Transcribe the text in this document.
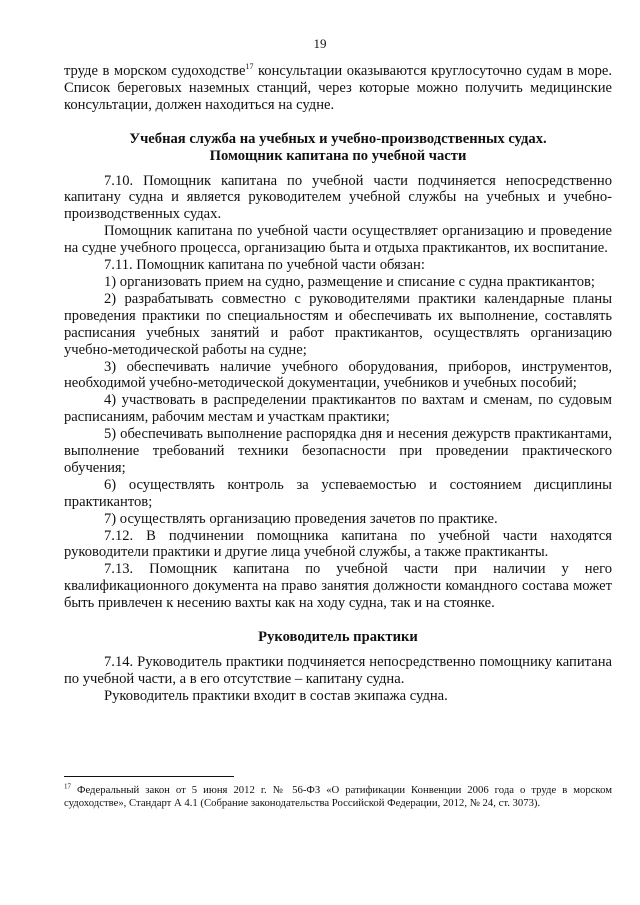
19

труде в морском судоходстве$^{17}$ консультации оказываются круглосуточно судам в море. Список береговых наземных станций, через которые можно получить медицинские консультации, должен находиться на судне.

Учебная служба на учебных и учебно-производственных судах.
Помощник капитана по учебной части

7.10. Помощник капитана по учебной части подчиняется непосредственно капитану судна и является руководителем учебной службы на учебных и учебно-производственных судах.

Помощник капитана по учебной части осуществляет организацию и проведение на судне учебного процесса, организацию быта и отдыха практикантов, их воспитание.

7.11. Помощник капитана по учебной части обязан:

1) организовать прием на судно, размещение и списание с судна практикантов;

2) разрабатывать совместно с руководителями практики календарные планы проведения практики по специальностям и обеспечивать их выполнение, составлять расписания учебных занятий и работ практикантов, осуществлять организацию учебно-методической работы на судне;

3) обеспечивать наличие учебного оборудования, приборов, инструментов, необходимой учебно-методической документации, учебников и учебных пособий;

4) участвовать в распределении практикантов по вахтам и сменам, по судовым расписаниям, рабочим местам и участкам практики;

5) обеспечивать выполнение распорядка дня и несения дежурств практикантами, выполнение требований техники безопасности при проведении практического обучения;

6) осуществлять контроль за успеваемостью и состоянием дисциплины практикантов;

7) осуществлять организацию проведения зачетов по практике.

7.12. В подчинении помощника капитана по учебной части находятся руководители практики и другие лица учебной службы, а также практиканты.

7.13. Помощник капитана по учебной части при наличии у него квалификационного документа на право занятия должности командного состава может быть привлечен к несению вахты как на ходу судна, так и на стоянке.

Руководитель практики

7.14. Руководитель практики подчиняется непосредственно помощнику капитана по учебной части, а в его отсутствие – капитану судна.

Руководитель практики входит в состав экипажа судна.

$^{17}$ Федеральный закон от 5 июня 2012 г. № 56-ФЗ «О ратификации Конвенции 2006 года о труде в морском судоходстве», Стандарт А 4.1 (Собрание законодательства Российской Федерации, 2012, № 24, ст. 3073).
